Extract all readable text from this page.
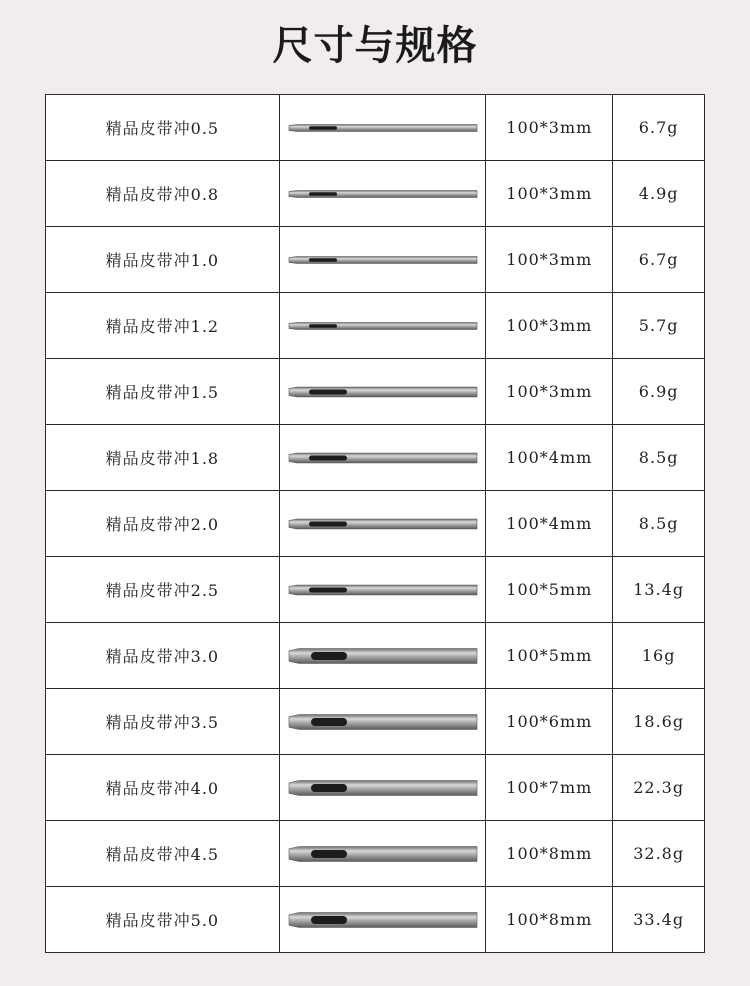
尺寸与规格
精品皮带冲0.5		100*3mm	6.7g
精品皮带冲0.8		100*3mm	4.9g
精品皮带冲1.0		100*3mm	6.7g
精品皮带冲1.2		100*3mm	5.7g
精品皮带冲1.5		100*3mm	6.9g
精品皮带冲1.8		100*4mm	8.5g
精品皮带冲2.0		100*4mm	8.5g
精品皮带冲2.5		100*5mm	13.4g
精品皮带冲3.0		100*5mm	16g
精品皮带冲3.5		100*6mm	18.6g
精品皮带冲4.0		100*7mm	22.3g
精品皮带冲4.5		100*8mm	32.8g
精品皮带冲5.0		100*8mm	33.4g
